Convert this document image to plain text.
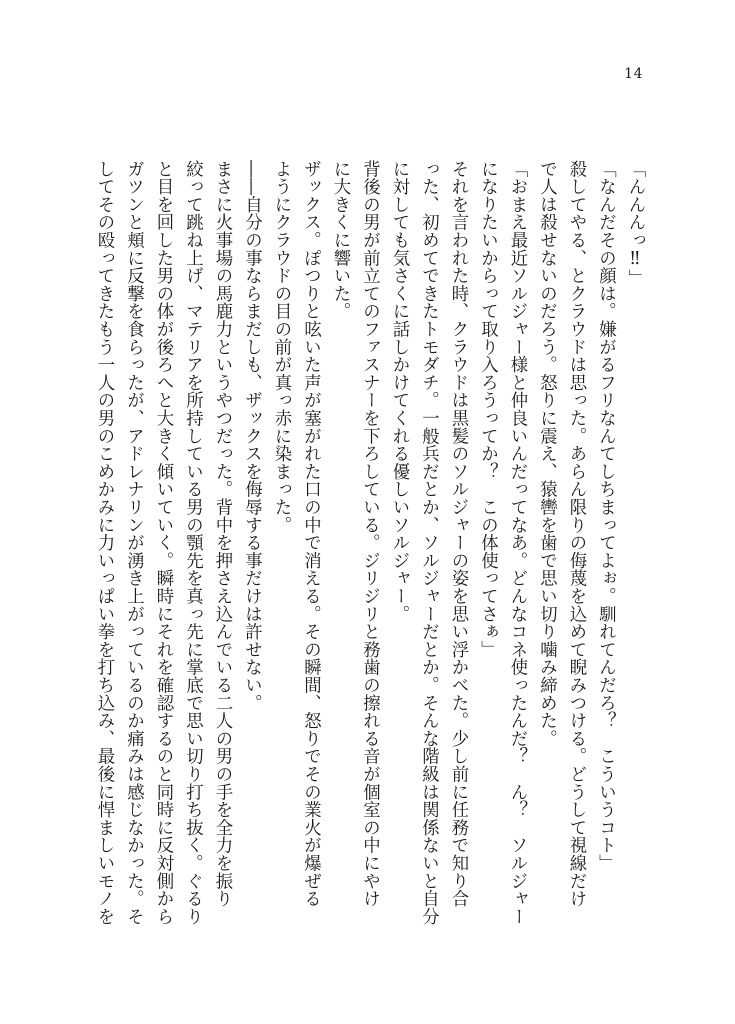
14
「んんんっ‼」
「なんだその顔は。嫌がるフリなんてしちまってよぉ。馴れてんだろ？　こういうコト」
殺してやる、とクラウドは思った。あらん限りの侮蔑を込めて睨みつける。どうして視線だけ
で人は殺せないのだろう。怒りに震え、猿轡を歯で思い切り噛み締めた。
「おまえ最近ソルジャー様と仲良いんだってなあ。どんなコネ使ったんだ？　ん？　ソルジャー
になりたいからって取り入ろうってか？　この体使ってさぁ」
それを言われた時、クラウドは黒髪のソルジャーの姿を思い浮かべた。少し前に任務で知り合
った、初めてできたトモダチ。一般兵だとか、ソルジャーだとか。そんな階級は関係ないと自分
に対しても気さくに話しかけてくれる優しいソルジャー。
背後の男が前立てのファスナーを下ろしている。ジリジリと務歯の擦れる音が個室の中にやけ
に大きくに響いた。
ザックス。ぽつりと呟いた声が塞がれた口の中で消える。その瞬間、怒りでその業火が爆ぜる
ようにクラウドの目の前が真っ赤に染まった。
――自分の事ならまだしも、ザックスを侮辱する事だけは許せない。
まさに火事場の馬鹿力というやつだった。背中を押さえ込んでいる二人の男の手を全力を振り
絞って跳ね上げ、マテリアを所持している男の顎先を真っ先に掌底で思い切り打ち抜く。ぐるり
と目を回した男の体が後ろへと大きく傾いていく。瞬時にそれを確認するのと同時に反対側から
ガツンと頬に反撃を食らったが、アドレナリンが湧き上がっているのか痛みは感じなかった。そ
してその殴ってきたもう一人の男のこめかみに力いっぱい拳を打ち込み、最後に悍ましいモノを
